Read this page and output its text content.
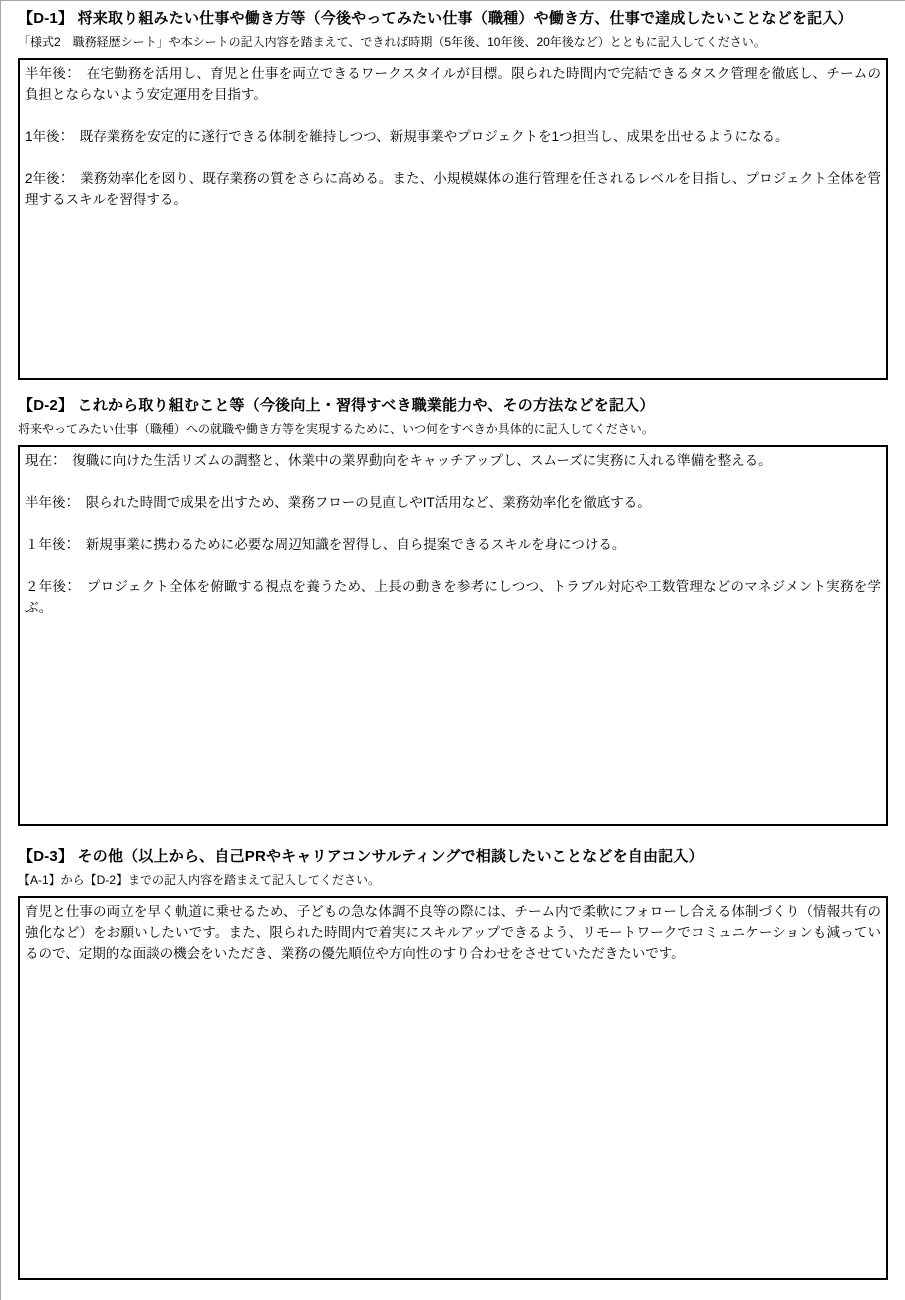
【D-1】 将来取り組みたい仕事や働き方等（今後やってみたい仕事（職種）や働き方、仕事で達成したいことなどを記入）

「様式2　職務経歴シート」や本シートの記入内容を踏まえて、できれば時期（5年後、10年後、20年後など）とともに記入してください。

半年後：　在宅勤務を活用し、育児と仕事を両立できるワークスタイルが目標。限られた時間内で完結できるタスク管理を徹底し、チームの負担とならないよう安定運用を目指す。

1年後：　既存業務を安定的に遂行できる体制を維持しつつ、新規事業やプロジェクトを1つ担当し、成果を出せるようになる。

2年後：　業務効率化を図り、既存業務の質をさらに高める。また、小規模媒体の進行管理を任されるレベルを目指し、プロジェクト全体を管理するスキルを習得する。

【D-2】 これから取り組むこと等（今後向上・習得すべき職業能力や、その方法などを記入）

将来やってみたい仕事（職種）への就職や働き方等を実現するために、いつ何をすべきか具体的に記入してください。

現在：　復職に向けた生活リズムの調整と、休業中の業界動向をキャッチアップし、スムーズに実務に入れる準備を整える。

半年後：　限られた時間で成果を出すため、業務フローの見直しやIT活用など、業務効率化を徹底する。

１年後：　新規事業に携わるために必要な周辺知識を習得し、自ら提案できるスキルを身につける。

２年後：　プロジェクト全体を俯瞰する視点を養うため、上長の動きを参考にしつつ、トラブル対応や工数管理などのマネジメント実務を学ぶ。

【D-3】 その他（以上から、自己PRやキャリアコンサルティングで相談したいことなどを自由記入）

【A-1】から【D-2】までの記入内容を踏まえて記入してください。

育児と仕事の両立を早く軌道に乗せるため、子どもの急な体調不良等の際には、チーム内で柔軟にフォローし合える体制づくり（情報共有の強化など）をお願いしたいです。また、限られた時間内で着実にスキルアップできるよう、リモートワークでコミュニケーションも減っているので、定期的な面談の機会をいただき、業務の優先順位や方向性のすり合わせをさせていただきたいです。
